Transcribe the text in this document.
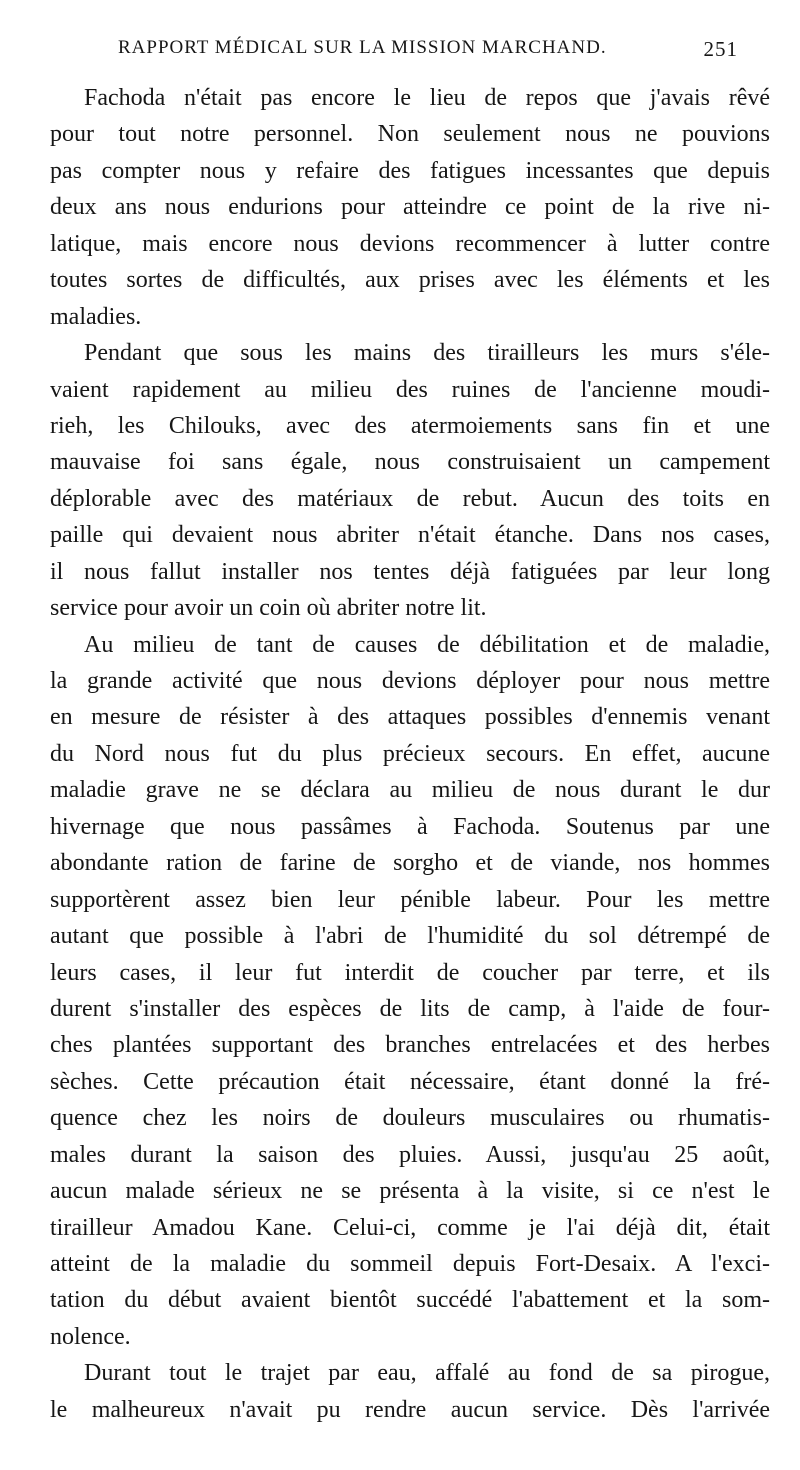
RAPPORT MÉDICAL SUR LA MISSION MARCHAND.	251
Fachoda n'était pas encore le lieu de repos que j'avais rêvé
pour tout notre personnel. Non seulement nous ne pouvions
pas compter nous y refaire des fatigues incessantes que depuis
deux ans nous endurions pour atteindre ce point de la rive ni-
latique, mais encore nous devions recommencer à lutter contre
toutes sortes de difficultés, aux prises avec les éléments et les
maladies.
Pendant que sous les mains des tirailleurs les murs s'éle-
vaient rapidement au milieu des ruines de l'ancienne moudi-
rieh, les Chilouks, avec des atermoiements sans fin et une
mauvaise foi sans égale, nous construisaient un campement
déplorable avec des matériaux de rebut. Aucun des toits en
paille qui devaient nous abriter n'était étanche. Dans nos cases,
il nous fallut installer nos tentes déjà fatiguées par leur long
service pour avoir un coin où abriter notre lit.
Au milieu de tant de causes de débilitation et de maladie,
la grande activité que nous devions déployer pour nous mettre
en mesure de résister à des attaques possibles d'ennemis venant
du Nord nous fut du plus précieux secours. En effet, aucune
maladie grave ne se déclara au milieu de nous durant le dur
hivernage que nous passâmes à Fachoda. Soutenus par une
abondante ration de farine de sorgho et de viande, nos hommes
supportèrent assez bien leur pénible labeur. Pour les mettre
autant que possible à l'abri de l'humidité du sol détrempé de
leurs cases, il leur fut interdit de coucher par terre, et ils
durent s'installer des espèces de lits de camp, à l'aide de four-
ches plantées supportant des branches entrelacées et des herbes
sèches. Cette précaution était nécessaire, étant donné la fré-
quence chez les noirs de douleurs musculaires ou rhumatis-
males durant la saison des pluies. Aussi, jusqu'au 25 août,
aucun malade sérieux ne se présenta à la visite, si ce n'est le
tirailleur Amadou Kane. Celui-ci, comme je l'ai déjà dit, était
atteint de la maladie du sommeil depuis Fort-Desaix. A l'exci-
tation du début avaient bientôt succédé l'abattement et la som-
nolence.
Durant tout le trajet par eau, affalé au fond de sa pirogue,
le malheureux n'avait pu rendre aucun service. Dès l'arrivée
